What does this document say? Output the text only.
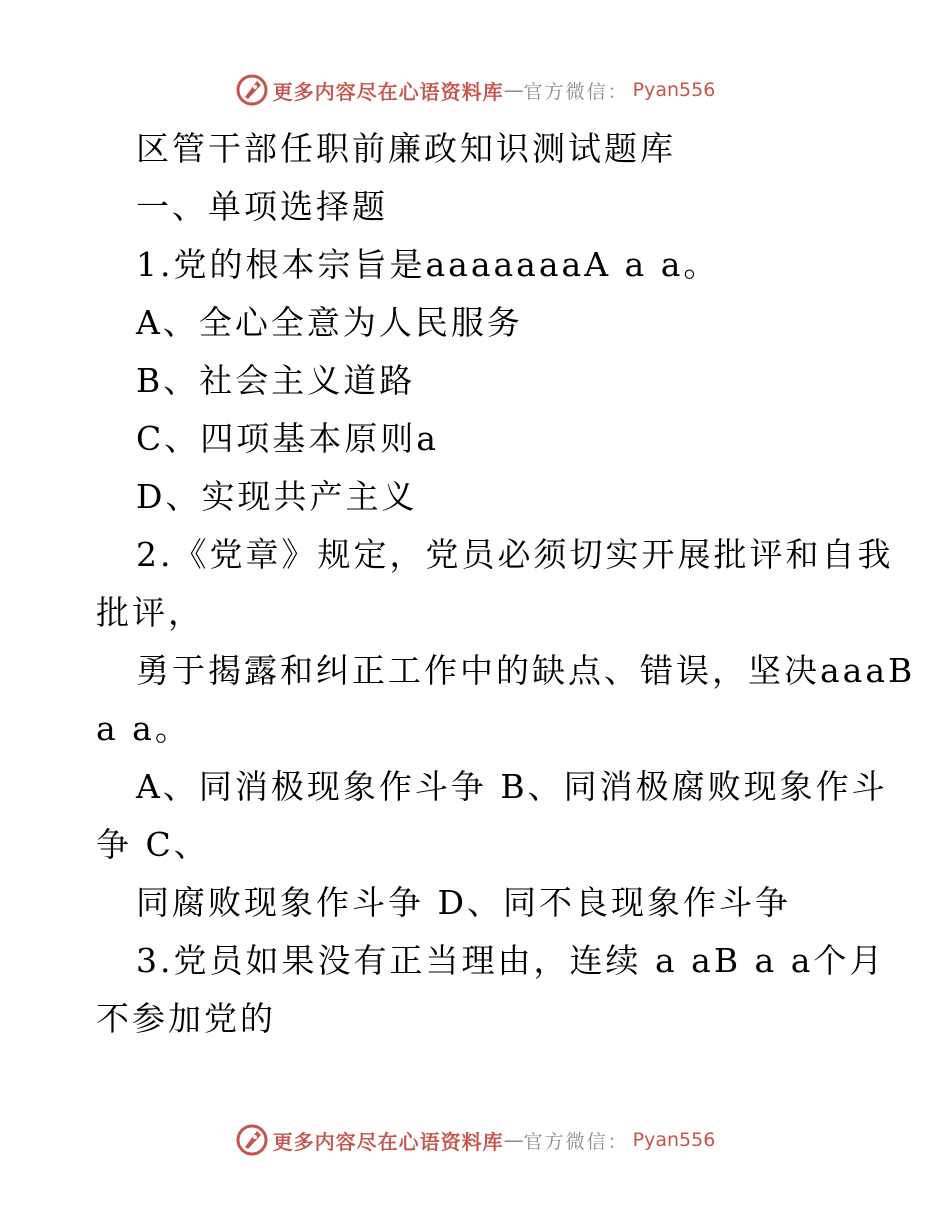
更多内容尽在心语资料库 — 官方微信： Pyan556

区管干部任职前廉政知识测试题库

一、单项选择题

1.党的根本宗旨是aaaaaaaA a a。

A、全心全意为人民服务

B、社会主义道路

C、四项基本原则a

D、实现共产主义

2.《党章》规定，党员必须切实开展批评和自我

批评，

勇于揭露和纠正工作中的缺点、错误，坚决aaaB

a a。

A、同消极现象作斗争 B、同消极腐败现象作斗

争 C、

同腐败现象作斗争 D、同不良现象作斗争

3.党员如果没有正当理由，连续 a aB a a个月

不参加党的

更多内容尽在心语资料库 — 官方微信： Pyan556
